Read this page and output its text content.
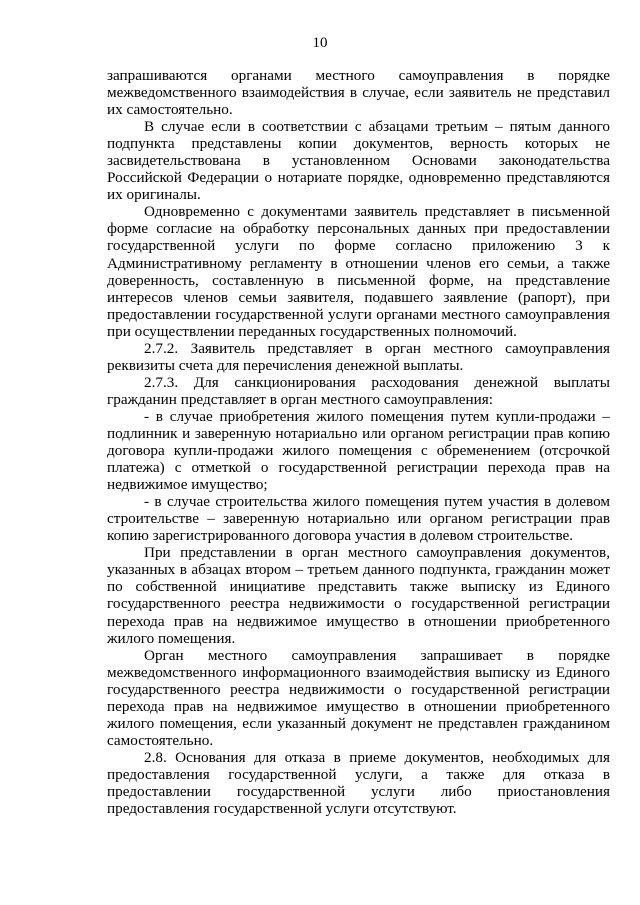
10

запрашиваются органами местного самоуправления в порядке межведомственного взаимодействия в случае, если заявитель не представил их самостоятельно.

В случае если в соответствии с абзацами третьим – пятым данного подпункта представлены копии документов, верность которых не засвидетельствована в установленном Основами законодательства Российской Федерации о нотариате порядке, одновременно представляются их оригиналы.

Одновременно с документами заявитель представляет в письменной форме согласие на обработку персональных данных при предоставлении государственной услуги по форме согласно приложению 3 к Административному регламенту в отношении членов его семьи, а также доверенность, составленную в письменной форме, на представление интересов членов семьи заявителя, подавшего заявление (рапорт), при предоставлении государственной услуги органами местного самоуправления при осуществлении переданных государственных полномочий.

2.7.2. Заявитель представляет в орган местного самоуправления реквизиты счета для перечисления денежной выплаты.

2.7.3. Для санкционирования расходования денежной выплаты гражданин представляет в орган местного самоуправления:

- в случае приобретения жилого помещения путем купли-продажи – подлинник и заверенную нотариально или органом регистрации прав копию договора купли-продажи жилого помещения с обременением (отсрочкой платежа) с отметкой о государственной регистрации перехода прав на недвижимое имущество;

- в случае строительства жилого помещения путем участия в долевом строительстве – заверенную нотариально или органом регистрации прав копию зарегистрированного договора участия в долевом строительстве.

При представлении в орган местного самоуправления документов, указанных в абзацах втором – третьем данного подпункта, гражданин может по собственной инициативе представить также выписку из Единого государственного реестра недвижимости о государственной регистрации перехода прав на недвижимое имущество в отношении приобретенного жилого помещения.

Орган местного самоуправления запрашивает в порядке межведомственного информационного взаимодействия выписку из Единого государственного реестра недвижимости о государственной регистрации перехода прав на недвижимое имущество в отношении приобретенного жилого помещения, если указанный документ не представлен гражданином самостоятельно.

2.8. Основания для отказа в приеме документов, необходимых для предоставления государственной услуги, а также для отказа в предоставлении государственной услуги либо приостановления предоставления государственной услуги отсутствуют.
